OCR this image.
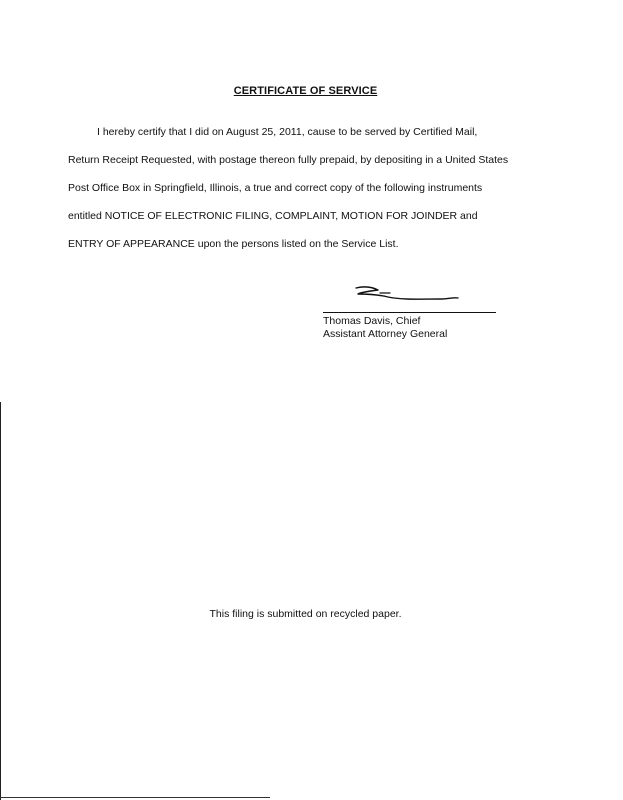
CERTIFICATE OF SERVICE
I hereby certify that I did on August 25, 2011, cause to be served by Certified Mail,
Return Receipt Requested, with postage thereon fully prepaid, by depositing in a United States
Post Office Box in Springfield, Illinois, a true and correct copy of the following instruments
entitled NOTICE OF ELECTRONIC FILING, COMPLAINT, MOTION FOR JOINDER and
ENTRY OF APPEARANCE upon the persons listed on the Service List.
Thomas Davis, Chief
Assistant Attorney General
This filing is submitted on recycled paper.
